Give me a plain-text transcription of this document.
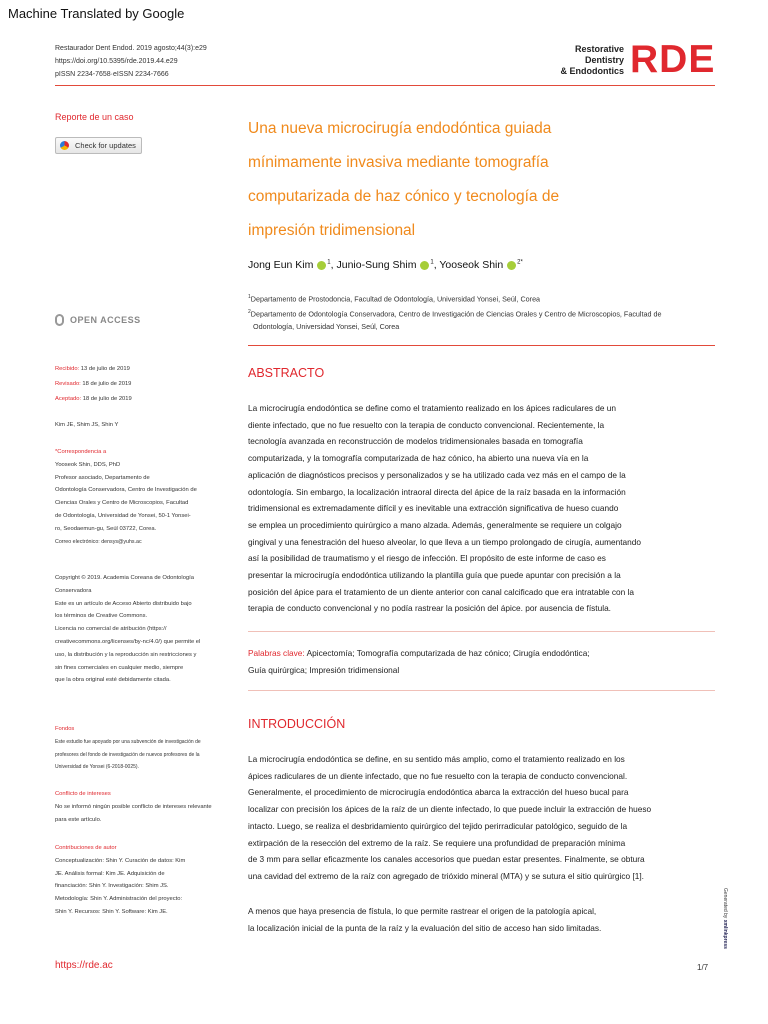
Machine Translated by Google
Restaurador Dent Endod. 2019 agosto;44(3):e29
https://doi.org/10.5395/rde.2019.44.e29
pISSN 2234-7658·eISSN 2234-7666
Restorative
Dentistry
& Endodontics RDE
Reporte de un caso
Check for updates
Una nueva microcirugía endodóntica guiada
mínimamente invasiva mediante tomografía
computarizada de haz cónico y tecnología de
impresión tridimensional
Jong Eun Kim $^1$, Junio-Sung Shim $^1$, Yooseok Shin $^{2*}$
$^1$Departamento de Prostodoncia, Facultad de Odontología, Universidad Yonsei, Seúl, Corea
$^2$Departamento de Odontología Conservadora, Centro de Investigación de Ciencias Orales y Centro de Microscopios, Facultad de
Odontología, Universidad Yonsei, Seúl, Corea
OPEN ACCESS
Recibido: 13 de julio de 2019
Revisado: 18 de julio de 2019
Aceptado: 18 de julio de 2019
Kim JE, Shim JS, Shin Y
*Correspondencia a
Yooseok Shin, DDS, PhD
Profesor asociado, Departamento de
Odontología Conservadora, Centro de Investigación de
Ciencias Orales y Centro de Microscopios, Facultad
de Odontología, Universidad de Yonsei, 50-1 Yonsei-
ro, Seodaemun-gu, Seúl 03722, Corea.
Correo electrónico: densys@yuhs.ac
Copyright © 2019. Academia Coreana de Odontología
Conservadora
Este es un artículo de Acceso Abierto distribuido bajo
los términos de Creative Commons.
Licencia no comercial de atribución (https://
creativecommons.org/licenses/by-nc/4.0/) que permite el
uso, la distribución y la reproducción sin restricciones y
sin fines comerciales en cualquier medio, siempre
que la obra original esté debidamente citada.
Fondos
Este estudio fue apoyado por una subvención de investigación de
profesores del fondo de investigación de nuevos profesores de la
Universidad de Yonsei (6-2018-0025).
Conflicto de intereses
No se informó ningún posible conflicto de intereses relevante
para este artículo.
Contribuciones de autor
Conceptualización: Shin Y. Curación de datos: Kim
JE. Análisis formal: Kim JE. Adquisición de
financiación: Shin Y. Investigación: Shim JS.
Metodología: Shin Y. Administración del proyecto:
Shin Y. Recursos: Shin Y. Software: Kim JE.
ABSTRACTO
La microcirugía endodóntica se define como el tratamiento realizado en los ápices radiculares de un
diente infectado, que no fue resuelto con la terapia de conducto convencional. Recientemente, la
tecnología avanzada en reconstrucción de modelos tridimensionales basada en tomografía
computarizada, y la tomografía computarizada de haz cónico, ha abierto una nueva vía en la
aplicación de diagnósticos precisos y personalizados y se ha utilizado cada vez más en el campo de la
odontología. Sin embargo, la localización intraoral directa del ápice de la raíz basada en la información
tridimensional es extremadamente difícil y es inevitable una extracción significativa de hueso cuando
se emplea un procedimiento quirúrgico a mano alzada. Además, generalmente se requiere un colgajo
gingival y una fenestración del hueso alveolar, lo que lleva a un tiempo prolongado de cirugía, aumentando
así la posibilidad de traumatismo y el riesgo de infección. El propósito de este informe de caso es
presentar la microcirugía endodóntica utilizando la plantilla guía que puede apuntar con precisión a la
posición del ápice para el tratamiento de un diente anterior con canal calcificado que era intratable con la
terapia de conducto convencional y no podía rastrear la posición del ápice. por ausencia de fístula.
Palabras clave: Apicectomía; Tomografía computarizada de haz cónico; Cirugía endodóntica;
Guía quirúrgica; Impresión tridimensional
INTRODUCCIÓN
La microcirugía endodóntica se define, en su sentido más amplio, como el tratamiento realizado en los
ápices radiculares de un diente infectado, que no fue resuelto con la terapia de conducto convencional.
Generalmente, el procedimiento de microcirugía endodóntica abarca la extracción del hueso bucal para
localizar con precisión los ápices de la raíz de un diente infectado, lo que puede incluir la extracción de hueso
intacto. Luego, se realiza el desbridamiento quirúrgico del tejido perirradicular patológico, seguido de la
extirpación de la resección del extremo de la raíz. Se requiere una profundidad de preparación mínima
de 3 mm para sellar eficazmente los canales accesorios que puedan estar presentes. Finalmente, se obtura
una cavidad del extremo de la raíz con agregado de trióxido mineral (MTA) y se sutura el sitio quirúrgico [1].
A menos que haya presencia de fístula, lo que permite rastrear el origen de la patología apical,
la localización inicial de la punta de la raíz y la evaluación del sitio de acceso han sido limitadas.
Generated by xmlinkpress
https://rde.ac	1/7
